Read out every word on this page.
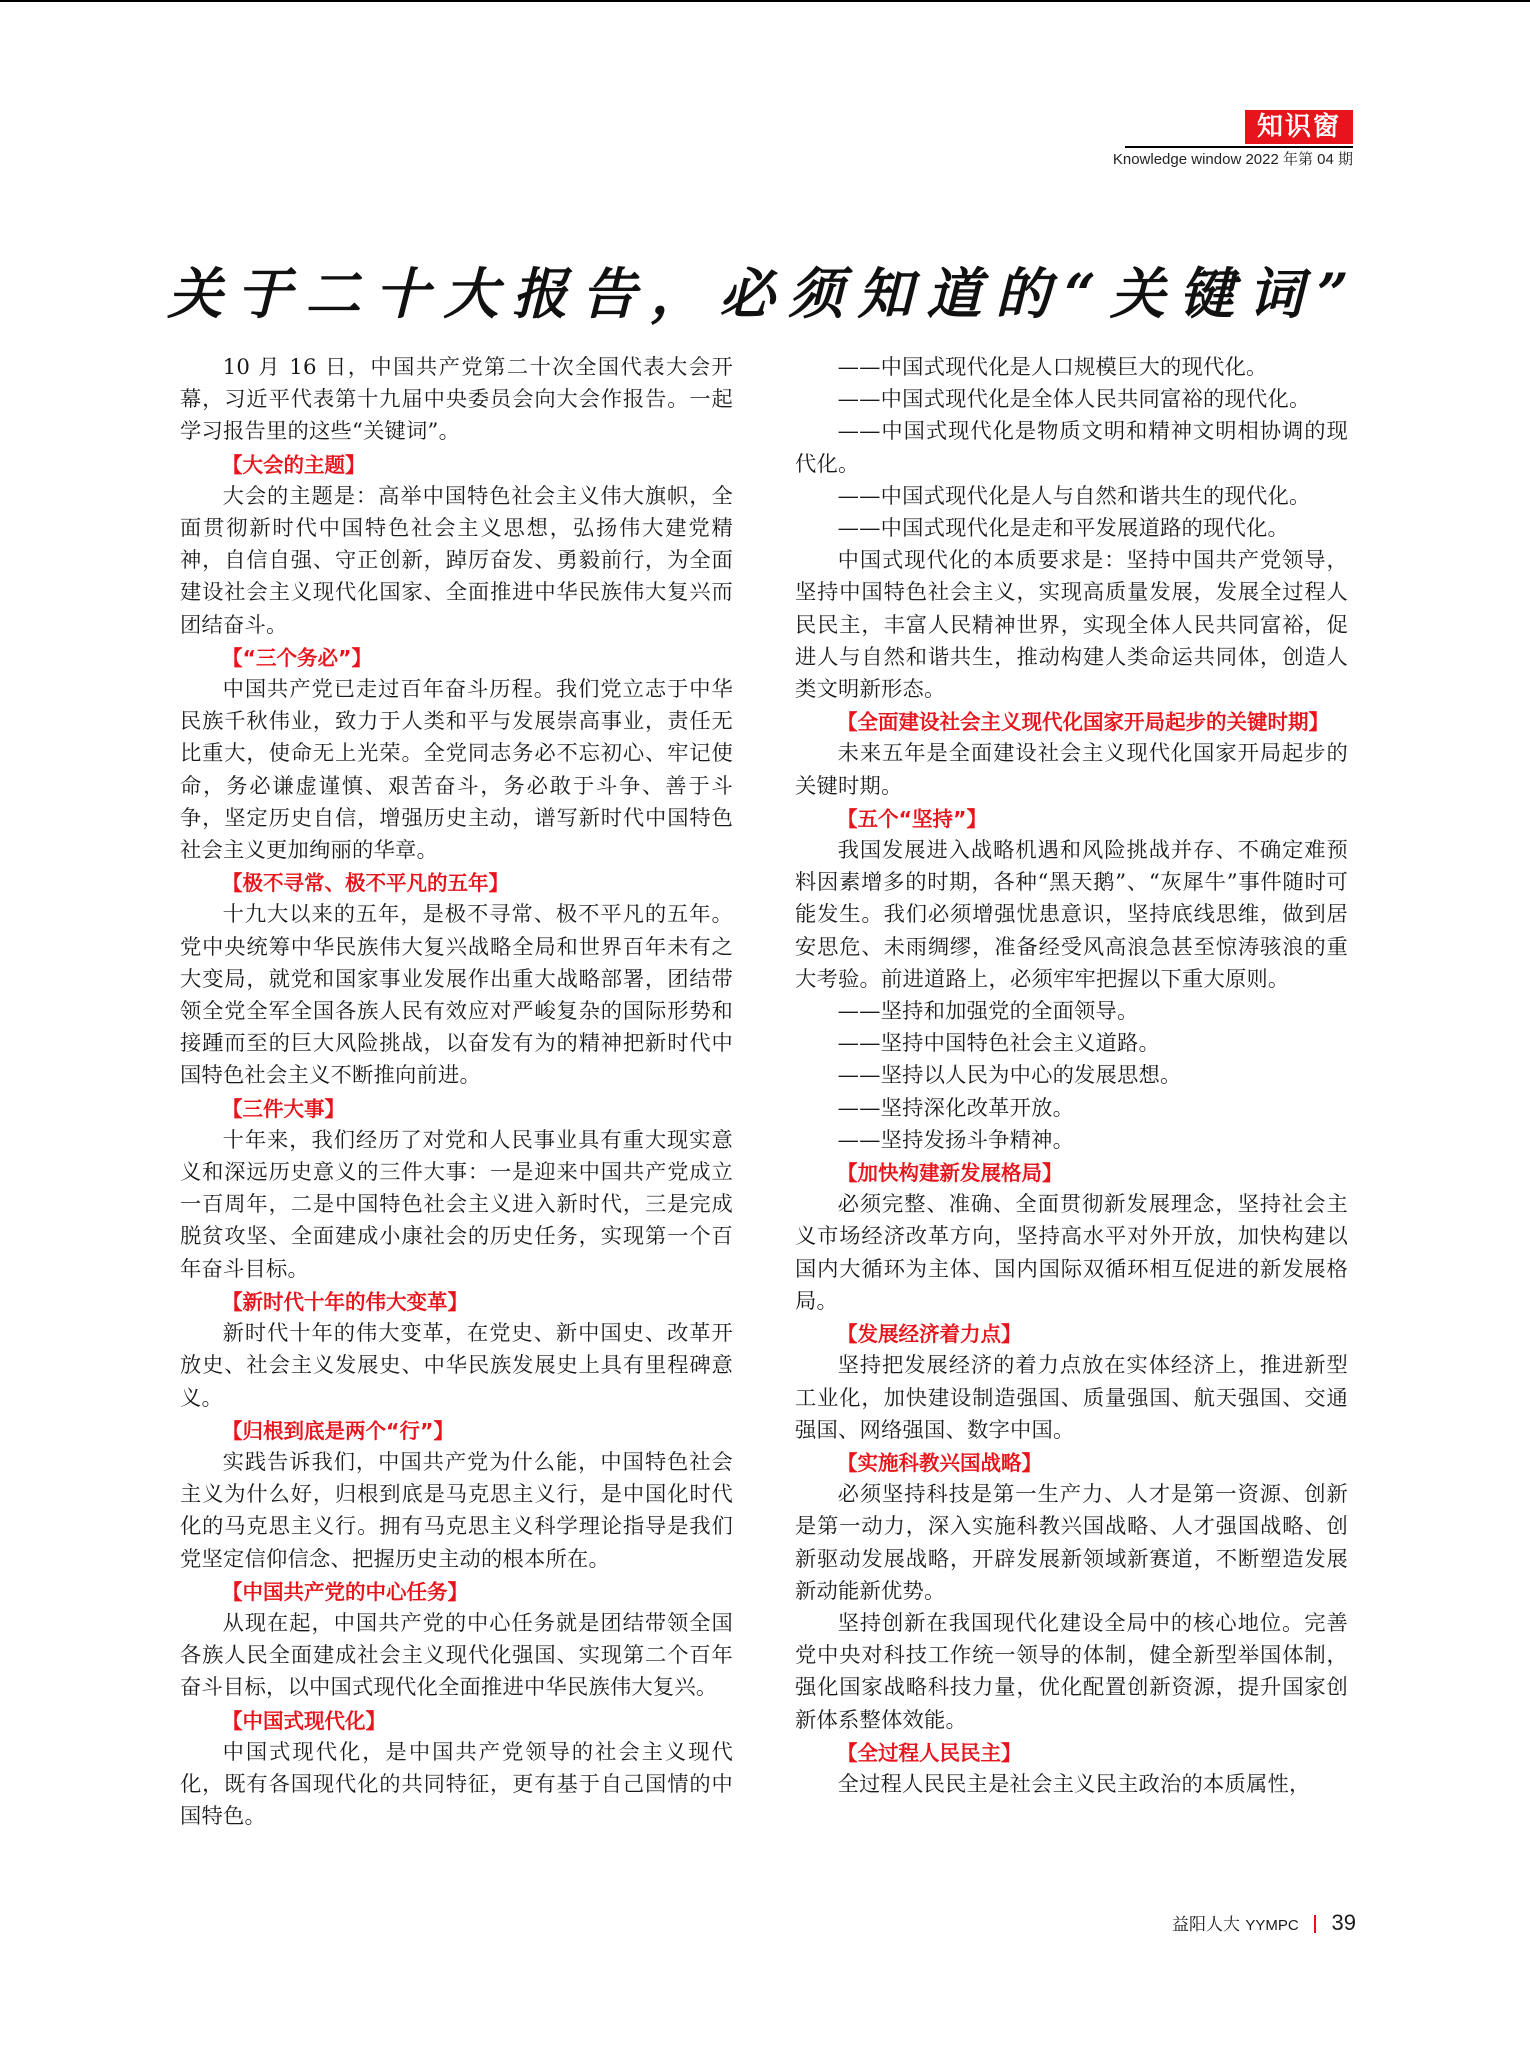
知识窗
Knowledge window 2022 年第 04 期
关于二十大报告，必须知道的“关键词”

10 月 16 日，中国共产党第二十次全国代表大会开幕，习近平代表第十九届中央委员会向大会作报告。一起学习报告里的这些“关键词”。

【大会的主题】

大会的主题是：高举中国特色社会主义伟大旗帜，全面贯彻新时代中国特色社会主义思想，弘扬伟大建党精神，自信自强、守正创新，踔厉奋发、勇毅前行，为全面建设社会主义现代化国家、全面推进中华民族伟大复兴而团结奋斗。

【“三个务必”】

中国共产党已走过百年奋斗历程。我们党立志于中华民族千秋伟业，致力于人类和平与发展崇高事业，责任无比重大，使命无上光荣。全党同志务必不忘初心、牢记使命，务必谦虚谨慎、艰苦奋斗，务必敢于斗争、善于斗争，坚定历史自信，增强历史主动，谱写新时代中国特色社会主义更加绚丽的华章。

【极不寻常、极不平凡的五年】

十九大以来的五年，是极不寻常、极不平凡的五年。党中央统筹中华民族伟大复兴战略全局和世界百年未有之大变局，就党和国家事业发展作出重大战略部署，团结带领全党全军全国各族人民有效应对严峻复杂的国际形势和接踵而至的巨大风险挑战，以奋发有为的精神把新时代中国特色社会主义不断推向前进。

【三件大事】

十年来，我们经历了对党和人民事业具有重大现实意义和深远历史意义的三件大事：一是迎来中国共产党成立一百周年，二是中国特色社会主义进入新时代，三是完成脱贫攻坚、全面建成小康社会的历史任务，实现第一个百年奋斗目标。

【新时代十年的伟大变革】

新时代十年的伟大变革，在党史、新中国史、改革开放史、社会主义发展史、中华民族发展史上具有里程碑意义。

【归根到底是两个“行”】

实践告诉我们，中国共产党为什么能，中国特色社会主义为什么好，归根到底是马克思主义行，是中国化时代化的马克思主义行。拥有马克思主义科学理论指导是我们党坚定信仰信念、把握历史主动的根本所在。

【中国共产党的中心任务】

从现在起，中国共产党的中心任务就是团结带领全国各族人民全面建成社会主义现代化强国、实现第二个百年奋斗目标，以中国式现代化全面推进中华民族伟大复兴。

【中国式现代化】

中国式现代化，是中国共产党领导的社会主义现代化，既有各国现代化的共同特征，更有基于自己国情的中国特色。

——中国式现代化是人口规模巨大的现代化。

——中国式现代化是全体人民共同富裕的现代化。

——中国式现代化是物质文明和精神文明相协调的现代化。

——中国式现代化是人与自然和谐共生的现代化。

——中国式现代化是走和平发展道路的现代化。

中国式现代化的本质要求是：坚持中国共产党领导，坚持中国特色社会主义，实现高质量发展，发展全过程人民民主，丰富人民精神世界，实现全体人民共同富裕，促进人与自然和谐共生，推动构建人类命运共同体，创造人类文明新形态。

【全面建设社会主义现代化国家开局起步的关键时期】

未来五年是全面建设社会主义现代化国家开局起步的关键时期。

【五个“坚持”】

我国发展进入战略机遇和风险挑战并存、不确定难预料因素增多的时期，各种“黑天鹅”、“灰犀牛”事件随时可能发生。我们必须增强忧患意识，坚持底线思维，做到居安思危、未雨绸缪，准备经受风高浪急甚至惊涛骇浪的重大考验。前进道路上，必须牢牢把握以下重大原则。

——坚持和加强党的全面领导。

——坚持中国特色社会主义道路。

——坚持以人民为中心的发展思想。

——坚持深化改革开放。

——坚持发扬斗争精神。

【加快构建新发展格局】

必须完整、准确、全面贯彻新发展理念，坚持社会主义市场经济改革方向，坚持高水平对外开放，加快构建以国内大循环为主体、国内国际双循环相互促进的新发展格局。

【发展经济着力点】

坚持把发展经济的着力点放在实体经济上，推进新型工业化，加快建设制造强国、质量强国、航天强国、交通强国、网络强国、数字中国。

【实施科教兴国战略】

必须坚持科技是第一生产力、人才是第一资源、创新是第一动力，深入实施科教兴国战略、人才强国战略、创新驱动发展战略，开辟发展新领域新赛道，不断塑造发展新动能新优势。

坚持创新在我国现代化建设全局中的核心地位。完善党中央对科技工作统一领导的体制，健全新型举国体制，强化国家战略科技力量，优化配置创新资源，提升国家创新体系整体效能。

【全过程人民民主】

全过程人民民主是社会主义民主政治的本质属性，

益阳人大 YYMPC 39
